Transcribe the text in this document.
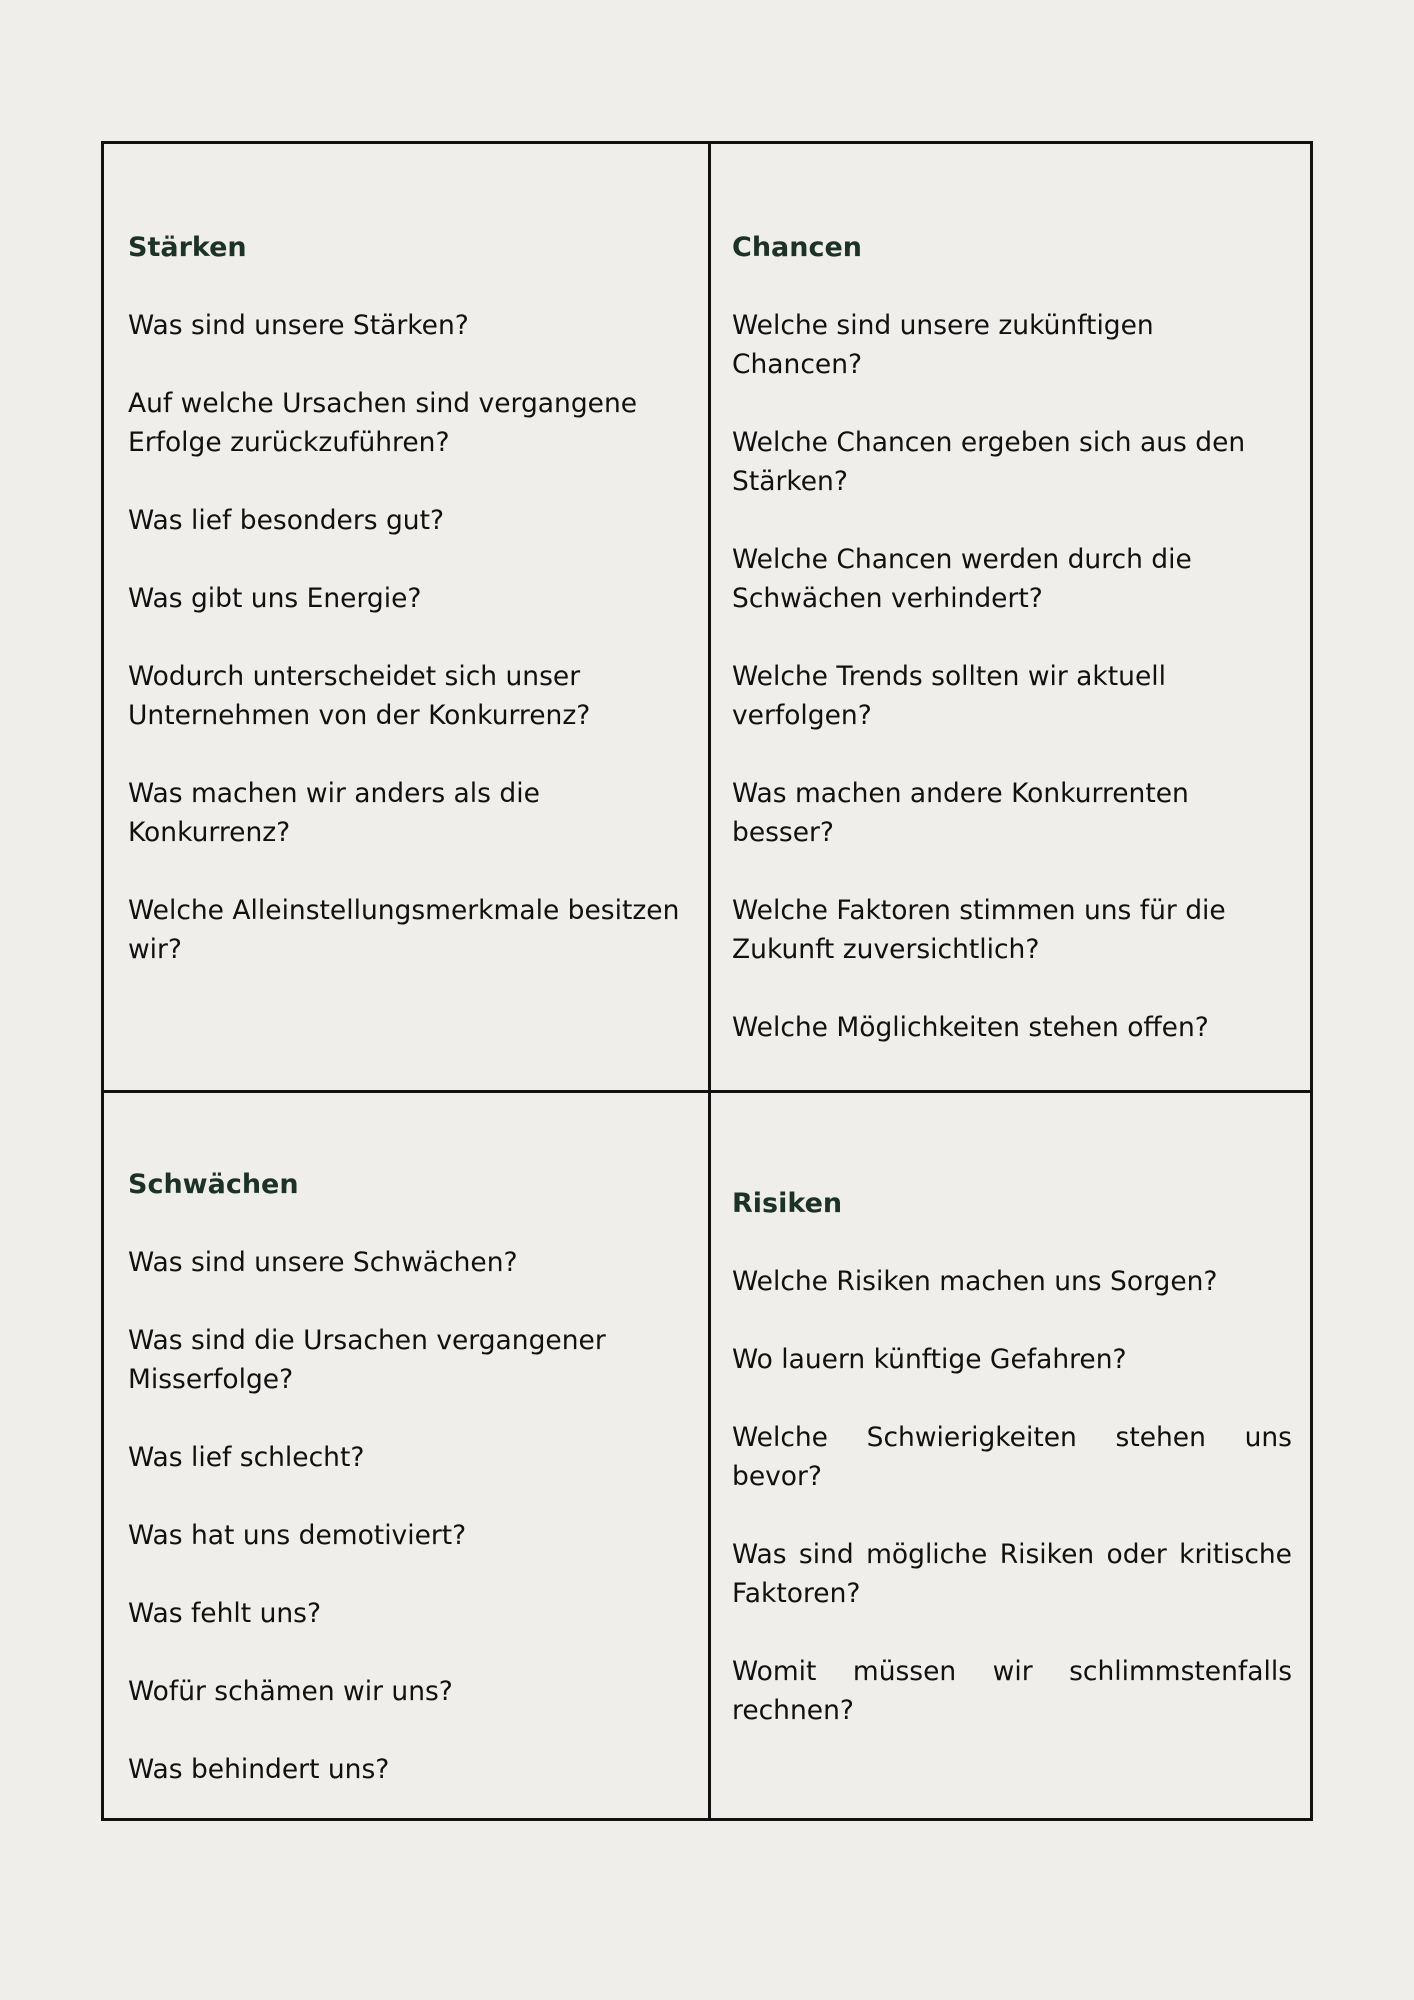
Stärken
Was sind unsere Stärken?
Auf welche Ursachen sind vergangene Erfolge zurückzuführen?
Was lief besonders gut?
Was gibt uns Energie?
Wodurch unterscheidet sich unser Unternehmen von der Konkurrenz?
Was machen wir anders als die Konkurrenz?
Welche Alleinstellungsmerkmale besitzen wir?
Chancen
Welche sind unsere zukünftigen Chancen?
Welche Chancen ergeben sich aus den Stärken?
Welche Chancen werden durch die Schwächen verhindert?
Welche Trends sollten wir aktuell verfolgen?
Was machen andere Konkurrenten besser?
Welche Faktoren stimmen uns für die Zukunft zuversichtlich?
Welche Möglichkeiten stehen offen?
Schwächen
Was sind unsere Schwächen?
Was sind die Ursachen vergangener Misserfolge?
Was lief schlecht?
Was hat uns demotiviert?
Was fehlt uns?
Wofür schämen wir uns?
Was behindert uns?
Risiken
Welche Risiken machen uns Sorgen?
Wo lauern künftige Gefahren?
Welche Schwierigkeiten stehen uns bevor?
Was sind mögliche Risiken oder kritische Faktoren?
Womit müssen wir schlimmstenfalls rechnen?
